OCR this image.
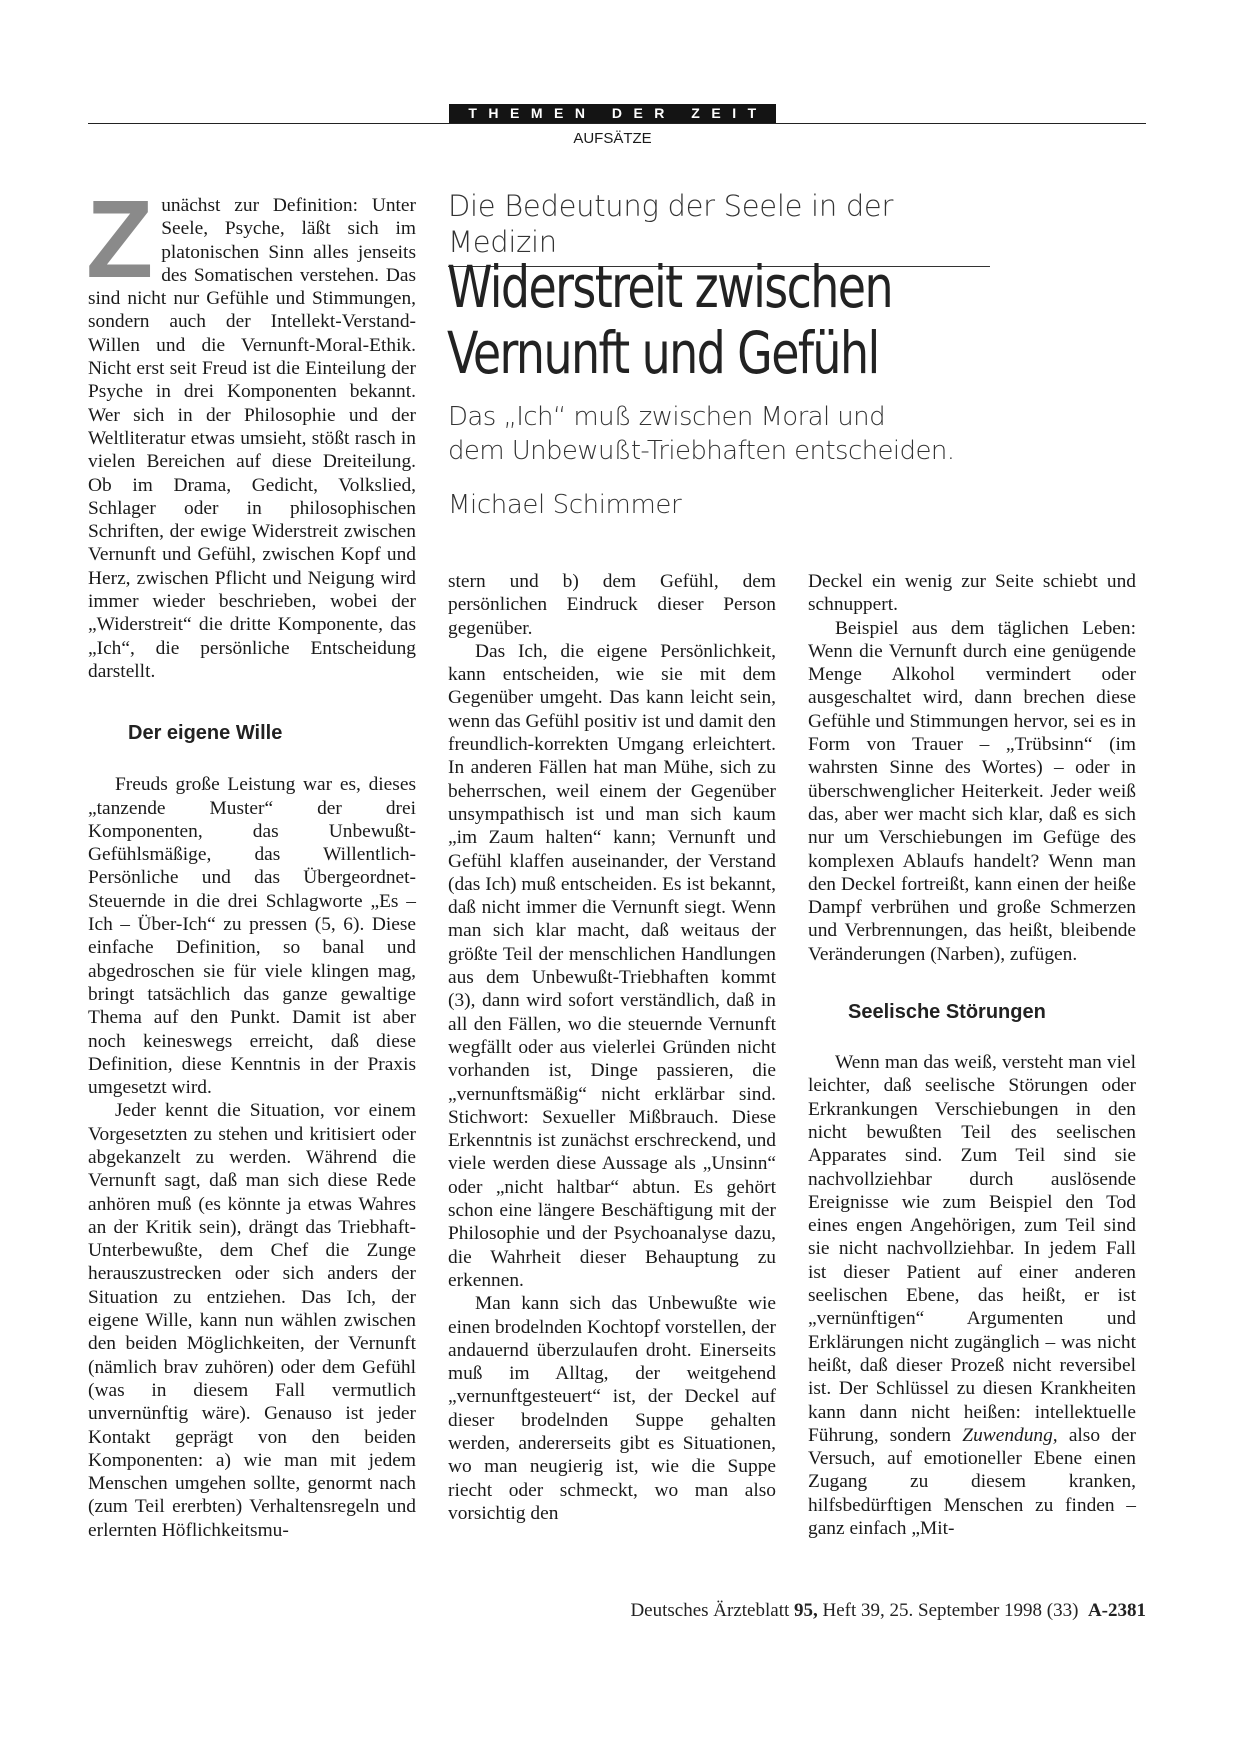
THEMEN DER ZEIT
AUFSÄTZE
Die Bedeutung der Seele in der Medizin
Widerstreit zwischen
Vernunft und Gefühl
Das „Ich“ muß zwischen Moral und
dem Unbewußt-Triebhaften entscheiden.
Michael Schimmer

Zunächst zur Definition: Unter Seele, Psyche, läßt sich im platonischen Sinn alles jenseits des Somatischen verstehen. Das sind nicht nur Gefühle und Stimmungen, sondern auch der Intellekt-Verstand-Willen und die Vernunft-Moral-Ethik. Nicht erst seit Freud ist die Einteilung der Psyche in drei Komponenten bekannt. Wer sich in der Philosophie und der Weltliteratur etwas umsieht, stößt rasch in vielen Bereichen auf diese Dreiteilung. Ob im Drama, Gedicht, Volkslied, Schlager oder in philosophischen Schriften, der ewige Widerstreit zwischen Vernunft und Gefühl, zwischen Kopf und Herz, zwischen Pflicht und Neigung wird immer wieder beschrieben, wobei der „Widerstreit“ die dritte Komponente, das „Ich“, die persönliche Entscheidung darstellt.

Der eigene Wille

Freuds große Leistung war es, dieses „tanzende Muster“ der drei Komponenten, das Unbewußt-Gefühlsmäßige, das Willentlich-Persönliche und das Übergeordnet-Steuernde in die drei Schlagworte „Es – Ich – Über-Ich“ zu pressen (5, 6). Diese einfache Definition, so banal und abgedroschen sie für viele klingen mag, bringt tatsächlich das ganze gewaltige Thema auf den Punkt. Damit ist aber noch keineswegs erreicht, daß diese Definition, diese Kenntnis in der Praxis umgesetzt wird.

Jeder kennt die Situation, vor einem Vorgesetzten zu stehen und kritisiert oder abgekanzelt zu werden. Während die Vernunft sagt, daß man sich diese Rede anhören muß (es könnte ja etwas Wahres an der Kritik sein), drängt das Triebhaft-Unterbewußte, dem Chef die Zunge herauszustrecken oder sich anders der Situation zu entziehen. Das Ich, der eigene Wille, kann nun wählen zwischen den beiden Möglichkeiten, der Vernunft (nämlich brav zuhören) oder dem Gefühl (was in diesem Fall vermutlich unvernünftig wäre). Genauso ist jeder Kontakt geprägt von den beiden Komponenten: a) wie man mit jedem Menschen umgehen sollte, genormt nach (zum Teil ererbten) Verhaltensregeln und erlernten Höflichkeitsmu-

stern und b) dem Gefühl, dem persönlichen Eindruck dieser Person gegenüber.

Das Ich, die eigene Persönlichkeit, kann entscheiden, wie sie mit dem Gegenüber umgeht. Das kann leicht sein, wenn das Gefühl positiv ist und damit den freundlich-korrekten Umgang erleichtert. In anderen Fällen hat man Mühe, sich zu beherrschen, weil einem der Gegenüber unsympathisch ist und man sich kaum „im Zaum halten“ kann; Vernunft und Gefühl klaffen auseinander, der Verstand (das Ich) muß entscheiden. Es ist bekannt, daß nicht immer die Vernunft siegt. Wenn man sich klar macht, daß weitaus der größte Teil der menschlichen Handlungen aus dem Unbewußt-Triebhaften kommt (3), dann wird sofort verständlich, daß in all den Fällen, wo die steuernde Vernunft wegfällt oder aus vielerlei Gründen nicht vorhanden ist, Dinge passieren, die „vernunftsmäßig“ nicht erklärbar sind. Stichwort: Sexueller Mißbrauch. Diese Erkenntnis ist zunächst erschreckend, und viele werden diese Aussage als „Unsinn“ oder „nicht haltbar“ abtun. Es gehört schon eine längere Beschäftigung mit der Philosophie und der Psychoanalyse dazu, die Wahrheit dieser Behauptung zu erkennen.

Man kann sich das Unbewußte wie einen brodelnden Kochtopf vorstellen, der andauernd überzulaufen droht. Einerseits muß im Alltag, der weitgehend „vernunftgesteuert“ ist, der Deckel auf dieser brodelnden Suppe gehalten werden, andererseits gibt es Situationen, wo man neugierig ist, wie die Suppe riecht oder schmeckt, wo man also vorsichtig den

Deckel ein wenig zur Seite schiebt und schnuppert.

Beispiel aus dem täglichen Leben: Wenn die Vernunft durch eine genügende Menge Alkohol vermindert oder ausgeschaltet wird, dann brechen diese Gefühle und Stimmungen hervor, sei es in Form von Trauer – „Trübsinn“ (im wahrsten Sinne des Wortes) – oder in überschwenglicher Heiterkeit. Jeder weiß das, aber wer macht sich klar, daß es sich nur um Verschiebungen im Gefüge des komplexen Ablaufs handelt? Wenn man den Deckel fortreißt, kann einen der heiße Dampf verbrühen und große Schmerzen und Verbrennungen, das heißt, bleibende Veränderungen (Narben), zufügen.

Seelische Störungen

Wenn man das weiß, versteht man viel leichter, daß seelische Störungen oder Erkrankungen Verschiebungen in den nicht bewußten Teil des seelischen Apparates sind. Zum Teil sind sie nachvollziehbar durch auslösende Ereignisse wie zum Beispiel den Tod eines engen Angehörigen, zum Teil sind sie nicht nachvollziehbar. In jedem Fall ist dieser Patient auf einer anderen seelischen Ebene, das heißt, er ist „vernünftigen“ Argumenten und Erklärungen nicht zugänglich – was nicht heißt, daß dieser Prozeß nicht reversibel ist. Der Schlüssel zu diesen Krankheiten kann dann nicht heißen: intellektuelle Führung, sondern Zuwendung, also der Versuch, auf emotioneller Ebene einen Zugang zu diesem kranken, hilfsbedürftigen Menschen zu finden – ganz einfach „Mit-

Deutsches Ärzteblatt 95, Heft 39, 25. September 1998 (33) A-2381
